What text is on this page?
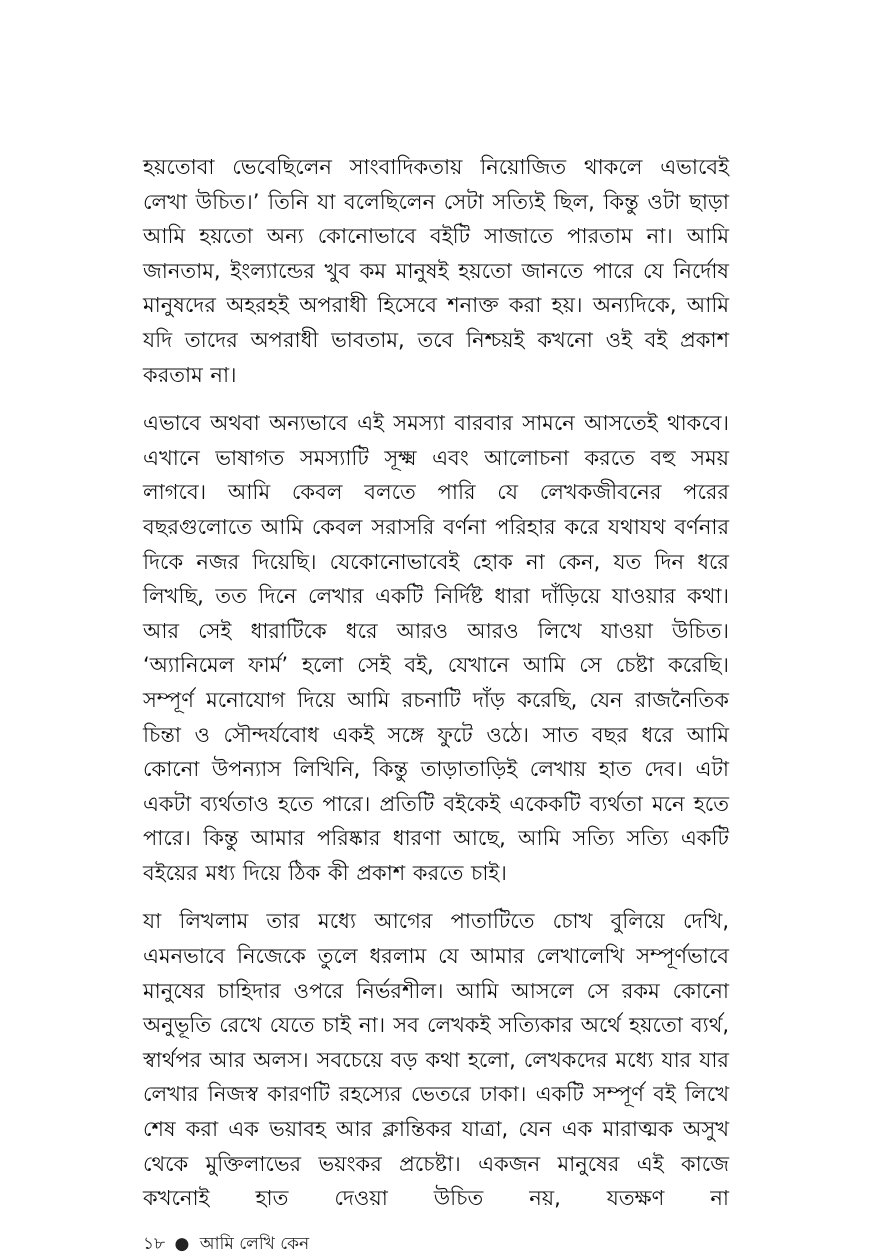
হয়তোবা ভেবেছিলেন সাংবাদিকতায় নিয়োজিত থাকলে এভাবেই লেখা উচিত।’ তিনি যা বলেছিলেন সেটা সত্যিই ছিল, কিন্তু ওটা ছাড়া আমি হয়তো অন্য কোনোভাবে বইটি সাজাতে পারতাম না। আমি জানতাম, ইংল্যান্ডের খুব কম মানুষই হয়তো জানতে পারে যে নির্দোষ মানুষদের অহরহই অপরাধী হিসেবে শনাক্ত করা হয়। অন্যদিকে, আমি যদি তাদের অপরাধী ভাবতাম, তবে নিশ্চয়ই কখনো ওই বই প্রকাশ করতাম না।

এভাবে অথবা অন্যভাবে এই সমস্যা বারবার সামনে আসতেই থাকবে। এখানে ভাষাগত সমস্যাটি সূক্ষ্ম এবং আলোচনা করতে বহু সময় লাগবে। আমি কেবল বলতে পারি যে লেখকজীবনের পরের বছরগুলোতে আমি কেবল সরাসরি বর্ণনা পরিহার করে যথাযথ বর্ণনার দিকে নজর দিয়েছি। যেকোনোভাবেই হোক না কেন, যত দিন ধরে লিখছি, তত দিনে লেখার একটি নির্দিষ্ট ধারা দাঁড়িয়ে যাওয়ার কথা। আর সেই ধারাটিকে ধরে আরও আরও লিখে যাওয়া উচিত। ‘অ্যানিমেল ফার্ম’ হলো সেই বই, যেখানে আমি সে চেষ্টা করেছি। সম্পূর্ণ মনোযোগ দিয়ে আমি রচনাটি দাঁড় করেছি, যেন রাজনৈতিক চিন্তা ও সৌন্দর্যবোধ একই সঙ্গে ফুটে ওঠে। সাত বছর ধরে আমি কোনো উপন্যাস লিখিনি, কিন্তু তাড়াতাড়িই লেখায় হাত দেব। এটা একটা ব্যর্থতাও হতে পারে। প্রতিটি বইকেই একেকটি ব্যর্থতা মনে হতে পারে। কিন্তু আমার পরিষ্কার ধারণা আছে, আমি সত্যি সত্যি একটি বইয়ের মধ্য দিয়ে ঠিক কী প্রকাশ করতে চাই।

যা লিখলাম তার মধ্যে আগের পাতাটিতে চোখ বুলিয়ে দেখি, এমনভাবে নিজেকে তুলে ধরলাম যে আমার লেখালেখি সম্পূর্ণভাবে মানুষের চাহিদার ওপরে নির্ভরশীল। আমি আসলে সে রকম কোনো অনুভূতি রেখে যেতে চাই না। সব লেখকই সত্যিকার অর্থে হয়তো ব্যর্থ, স্বার্থপর আর অলস। সবচেয়ে বড় কথা হলো, লেখকদের মধ্যে যার যার লেখার নিজস্ব কারণটি রহস্যের ভেতরে ঢাকা। একটি সম্পূর্ণ বই লিখে শেষ করা এক ভয়াবহ আর ক্লান্তিকর যাত্রা, যেন এক মারাত্মক অসুখ থেকে মুক্তিলাভের ভয়ংকর প্রচেষ্টা। একজন মানুষের এই কাজে কখনোই হাত দেওয়া উচিত নয়, যতক্ষণ না

১৮ ● আমি লেখি কেন
